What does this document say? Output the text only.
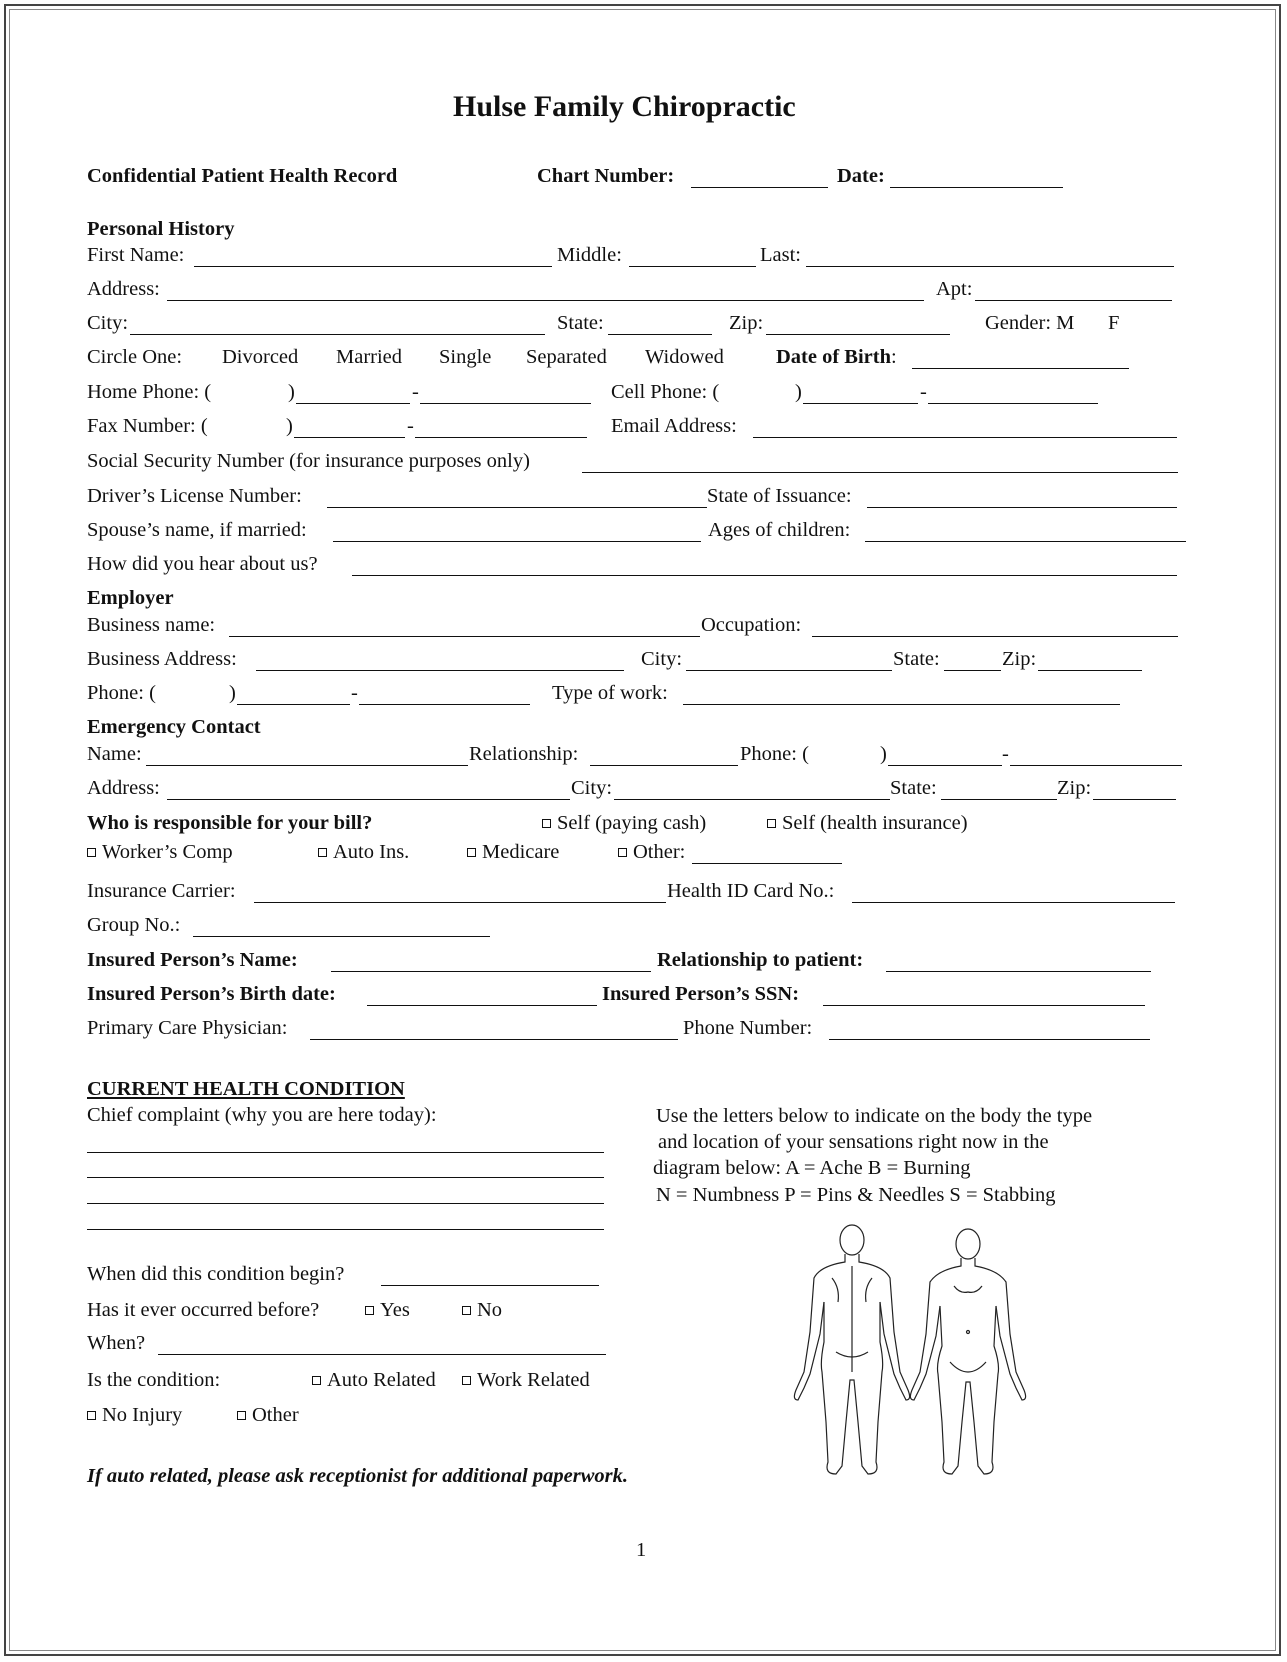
Hulse Family Chiropractic
Confidential Patient Health Record	Chart Number:	Date:
Personal History
First Name:	Middle:	Last:
Address:	Apt:
City:	State:	Zip:	Gender: M F
Circle One: Divorced Married Single Separated Widowed	Date of Birth:
Home Phone: (	)	-	Cell Phone: (	)	-
Fax Number: (	)	-	Email Address:
Social Security Number (for insurance purposes only)
Driver’s License Number:	State of Issuance:
Spouse’s name, if married:	Ages of children:
How did you hear about us?
Employer
Business name:	Occupation:
Business Address:	City:	State:	Zip:
Phone: (	)	-	Type of work:
Emergency Contact
Name:	Relationship:	Phone: (	)	-
Address:	City:	State:	Zip:
Who is responsible for your bill?	Self (paying cash)	Self (health insurance)
Worker’s Comp	Auto Ins.	Medicare	Other:
Insurance Carrier:	Health ID Card No.:
Group No.:
Insured Person’s Name:	Relationship to patient:
Insured Person’s Birth date:	Insured Person’s SSN:
Primary Care Physician:	Phone Number:
CURRENT HEALTH CONDITION
Chief complaint (why you are here today):	Use the letters below to indicate on the body the type
and location of your sensations right now in the
diagram below: A = Ache B = Burning
N = Numbness P = Pins & Needles S = Stabbing
When did this condition begin?
Has it ever occurred before?	Yes	No
When?
Is the condition:	Auto Related	Work Related
No Injury	Other
If auto related, please ask receptionist for additional paperwork.
1
